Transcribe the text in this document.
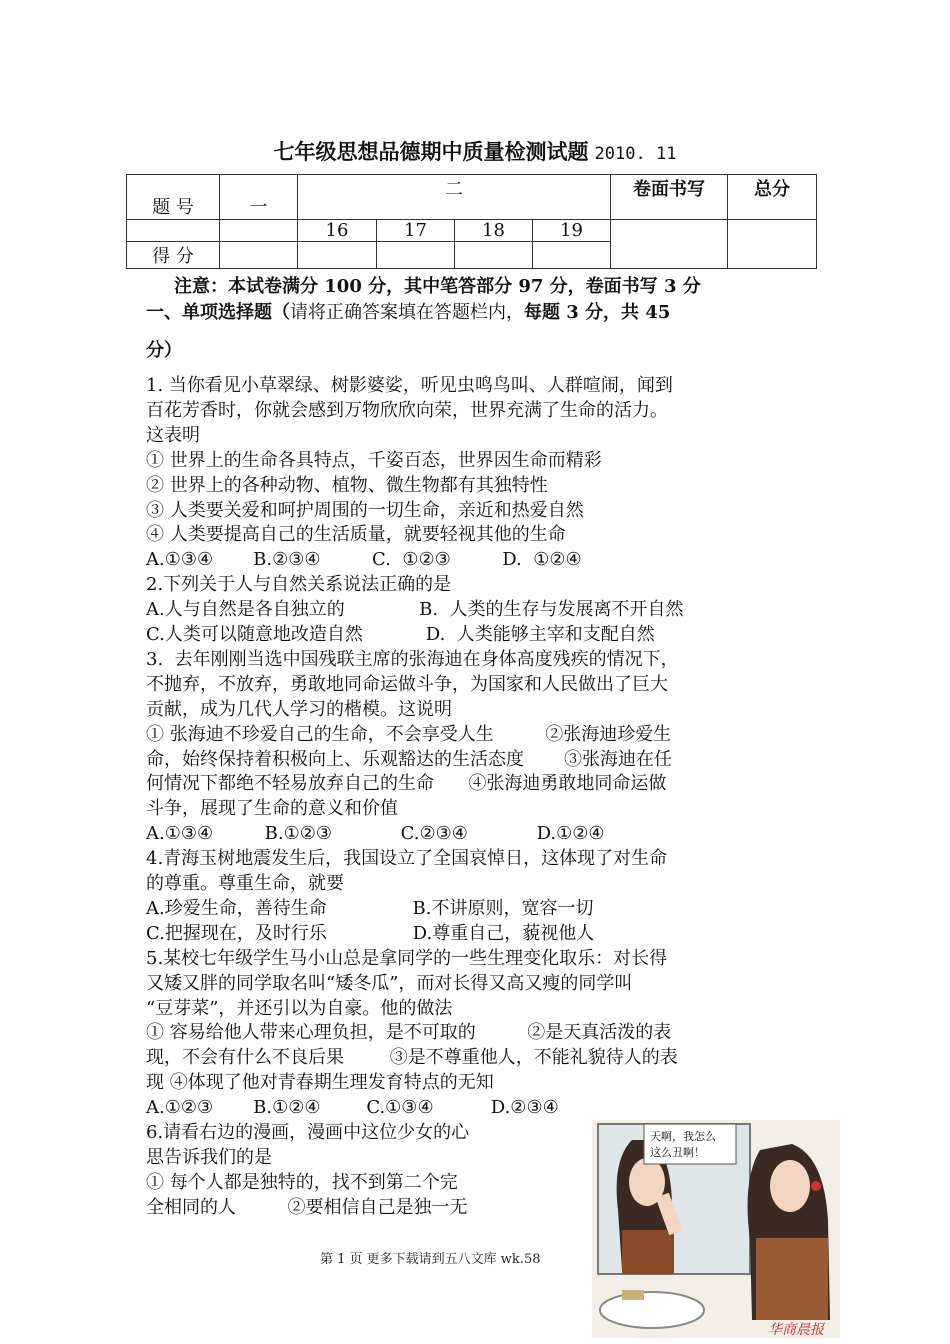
七年级思想品德期中质量检测试题 2010. 11
题 号	一	二				卷面书写	总分
		16	17	18	19		
得 分							
注意：本试卷满分 100 分，其中笔答部分 97 分，卷面书写 3 分
一、单项选择题（请将正确答案填在答题栏内，每题 3 分，共 45
分）
1. 当你看见小草翠绿、树影婆娑，听见虫鸣鸟叫、人群喧闹，闻到
百花芳香时，你就会感到万物欣欣向荣，世界充满了生命的活力。
这表明
① 世界上的生命各具特点，千姿百态，世界因生命而精彩
② 世界上的各种动物、植物、微生物都有其独特性
③ 人类要关爱和呵护周围的一切生命，亲近和热爱自然
④ 人类要提高自己的生活质量，就要轻视其他的生命
A.①③④       B.②③④         C.  ①②③         D.  ①②④
2.下列关于人与自然关系说法正确的是
A.人与自然是各自独立的             B.  人类的生存与发展离不开自然
C.人类可以随意地改造自然           D.  人类能够主宰和支配自然
3.  去年刚刚当选中国残联主席的张海迪在身体高度残疾的情况下，
不抛弃，不放弃，勇敢地同命运做斗争，为国家和人民做出了巨大
贡献，成为几代人学习的楷模。这说明
① 张海迪不珍爱自己的生命，不会享受人生         ②张海迪珍爱生
命，始终保持着积极向上、乐观豁达的生活态度       ③张海迪在任
何情况下都绝不轻易放弃自己的生命      ④张海迪勇敢地同命运做
斗争，展现了生命的意义和价值
A.①③④         B.①②③            C.②③④            D.①②④
4.青海玉树地震发生后，我国设立了全国哀悼日，这体现了对生命
的尊重。尊重生命，就要
A.珍爱生命，善待生命               B.不讲原则，宽容一切
C.把握现在，及时行乐               D.尊重自己，藐视他人
5.某校七年级学生马小山总是拿同学的一些生理变化取乐：对长得
又矮又胖的同学取名叫“矮冬瓜”，而对长得又高又瘦的同学叫
“豆芽菜”，并还引以为自豪。他的做法
① 容易给他人带来心理负担，是不可取的         ②是天真活泼的表
现，不会有什么不良后果        ③是不尊重他人，不能礼貌待人的表
现 ④体现了他对青春期生理发育特点的无知
A.①②③       B.①②④        C.①③④          D.②③④
6.请看右边的漫画，漫画中这位少女的心
思告诉我们的是
① 每个人都是独特的，找不到第二个完
全相同的人         ②要相信自己是独一无
天啊，我怎么
这么丑啊！
华商晨报
第 1 页 更多下载请到五八文库 wk.58
